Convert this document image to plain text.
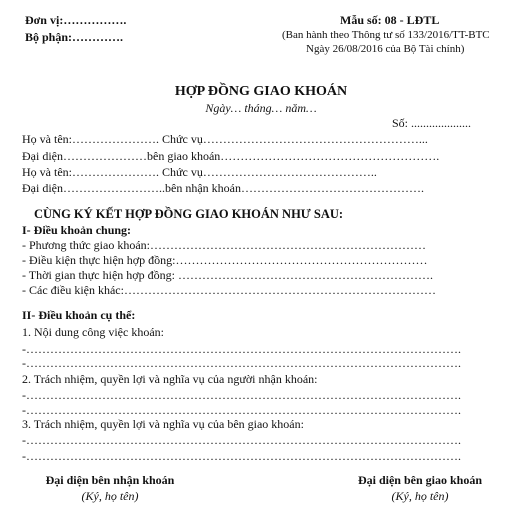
Đơn vị:…………….
Bộ phận:………….
Mẫu số: 08 - LĐTL
(Ban hành theo Thông tư số 133/2016/TT-BTC
Ngày 26/08/2016 của Bộ Tài chính)
HỢP ĐỒNG GIAO KHOÁN
Ngày… tháng… năm…
Số: ....................
Họ và tên:…………………. Chức vụ………………………………………………...
Đại diện…………………bên giao khoán……………………………………………….
Họ và tên:…………………. Chức vụ……………………………………..
Đại diện……………………..bên nhận khoán……………………………………….
CÙNG KÝ KẾT HỢP ĐỒNG GIAO KHOÁN NHƯ SAU:
I- Điều khoản chung:
- Phương thức giao khoán:……………………………………………………………
- Điều kiện thực hiện hợp đồng:………………………………………………………
- Thời gian thực hiện hợp đồng: ……………………………………………………….
- Các điều kiện khác:……………………………………………………………………
II- Điều khoản cụ thể:
1. Nội dung công việc khoán:
-……………………………………………………………………………………………….
-……………………………………………………………………………………………….
2. Trách nhiệm, quyền lợi và nghĩa vụ của người nhận khoán:
-……………………………………………………………………………………………….
-……………………………………………………………………………………………….
3. Trách nhiệm, quyền lợi và nghĩa vụ của bên giao khoán:
-……………………………………………………………………………………………….
-……………………………………………………………………………………………….
Đại diện bên nhận khoán
(Ký, họ tên)
Đại diện bên giao khoán
(Ký, họ tên)
